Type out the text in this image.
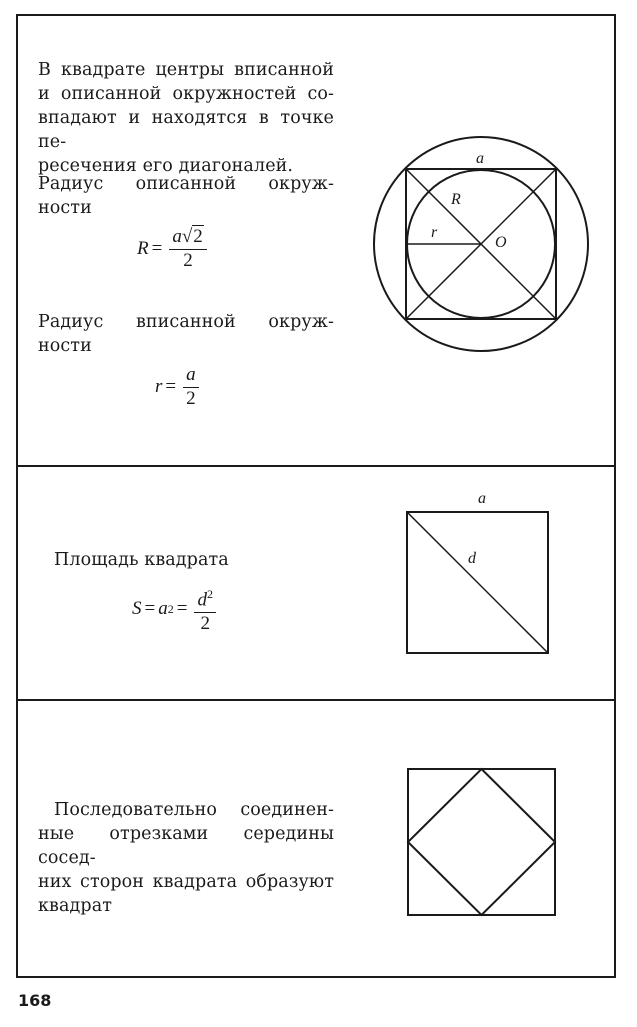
В квадрате центры вписанной
и описанной окружностей со-
впадают и находятся в точке пе-
ресечения его диагоналей.
Радиус описанной окруж-
ности
$R = \frac{a√2}{2}$
Радиус вписанной окруж-
ности
$r = \frac{a}{2}$
a
R
r
O
Площадь квадрата
S = a $2 = \frac{d^2}{2}$
a
d
Последовательно соединен-
ные отрезками середины сосед-
них сторон квадрата образуют
квадрат
168
